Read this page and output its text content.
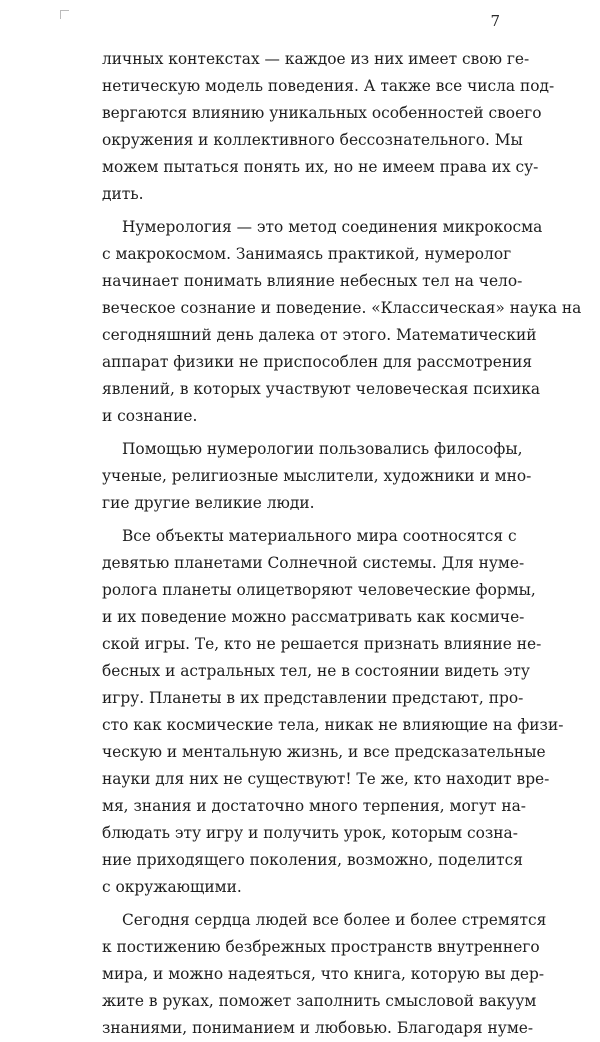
7
личных контекстах — каждое из них имеет свою ге-
нетическую модель поведения. А также все числа под-
вергаются влиянию уникальных особенностей своего
окружения и коллективного бессознательного. Мы
можем пытаться понять их, но не имеем права их су-
дить.
Нумерология — это метод соединения микрокосма
с макрокосмом. Занимаясь практикой, нумеролог
начинает понимать влияние небесных тел на чело-
веческое сознание и поведение. «Классическая» наука на
сегодняшний день далека от этого. Математический
аппарат физики не приспособлен для рассмотрения
явлений, в которых участвуют человеческая психика
и сознание.
Помощью нумерологии пользовались философы,
ученые, религиозные мыслители, художники и мно-
гие другие великие люди.
Все объекты материального мира соотносятся с
девятью планетами Солнечной системы. Для нуме-
ролога планеты олицетворяют человеческие формы,
и их поведение можно рассматривать как космиче-
ской игры. Те, кто не решается признать влияние не-
бесных и астральных тел, не в состоянии видеть эту
игру. Планеты в их представлении предстают, про-
сто как космические тела, никак не влияющие на физи-
ческую и ментальную жизнь, и все предсказательные
науки для них не существуют! Те же, кто находит вре-
мя, знания и достаточно много терпения, могут на-
блюдать эту игру и получить урок, которым созна-
ние приходящего поколения, возможно, поделится
с окружающими.
Сегодня сердца людей все более и более стремятся
к постижению безбрежных пространств внутреннего
мира, и можно надеяться, что книга, которую вы дер-
жите в руках, поможет заполнить смысловой вакуум
знаниями, пониманием и любовью. Благодаря нуме-
